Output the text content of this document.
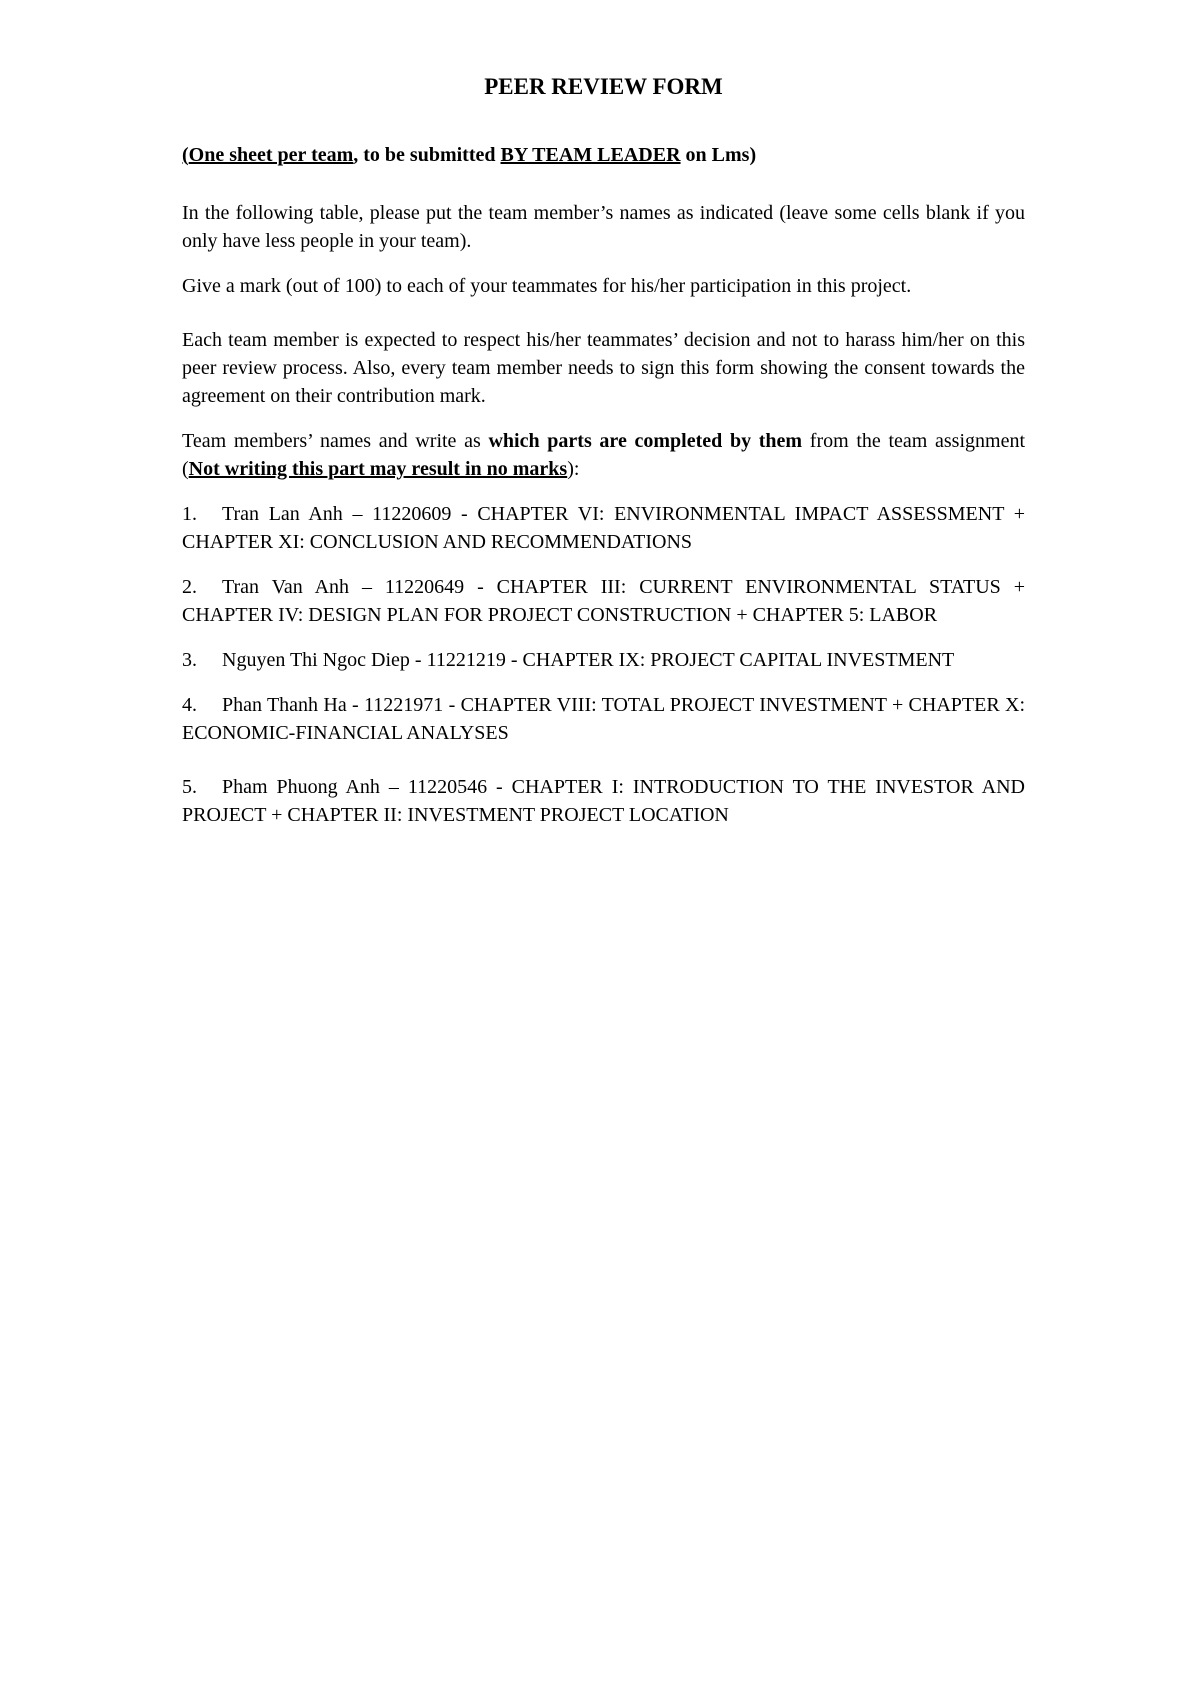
PEER REVIEW FORM
(One sheet per team, to be submitted BY TEAM LEADER on Lms)

In the following table, please put the team member’s names as indicated (leave some cells blank if you only have less people in your team).

Give a mark (out of 100) to each of your teammates for his/her participation in this project.

Each team member is expected to respect his/her teammates’ decision and not to harass him/her on this peer review process. Also, every team member needs to sign this form showing the consent towards the agreement on their contribution mark.

Team members’ names and write as which parts are completed by them from the team assignment (Not writing this part may result in no marks):

1. Tran Lan Anh – 11220609 - CHAPTER VI: ENVIRONMENTAL IMPACT ASSESSMENT + CHAPTER XI: CONCLUSION AND RECOMMENDATIONS

2. Tran Van Anh – 11220649 - CHAPTER III: CURRENT ENVIRONMENTAL STATUS + CHAPTER IV: DESIGN PLAN FOR PROJECT CONSTRUCTION + CHAPTER 5: LABOR

3. Nguyen Thi Ngoc Diep - 11221219 - CHAPTER IX: PROJECT CAPITAL INVESTMENT

4. Phan Thanh Ha - 11221971 - CHAPTER VIII: TOTAL PROJECT INVESTMENT + CHAPTER X: ECONOMIC-FINANCIAL ANALYSES

5. Pham Phuong Anh – 11220546 - CHAPTER I: INTRODUCTION TO THE INVESTOR AND PROJECT + CHAPTER II: INVESTMENT PROJECT LOCATION
